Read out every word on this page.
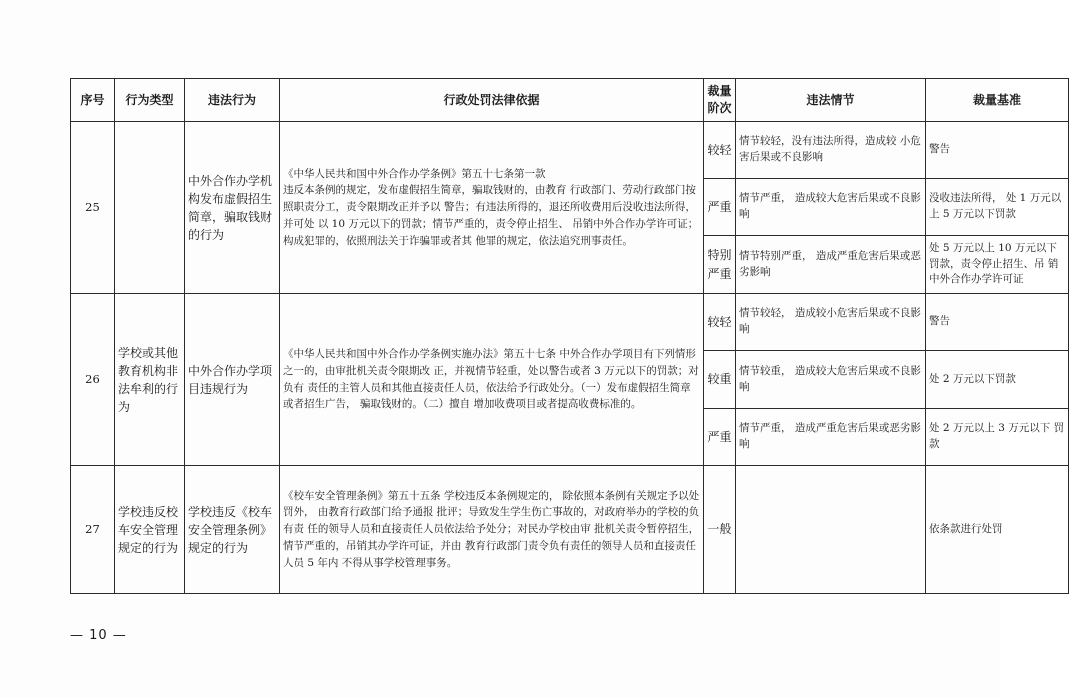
序号	行为类型	违法行为	行政处罚法律依据	裁量阶次	违法情节	裁量基准
25		中外合作办学机构发布虚假招生简章，骗取钱财的行为	《中华人民共和国中外合作办学条例》第五十七条第一款
违反本条例的规定，发布虚假招生简章，骗取钱财的，由教育 行政部门、劳动行政部门按照职责分工，责令限期改正并予以 警告；有违法所得的，退还所收费用后没收违法所得，并可处 以 10 万元以下的罚款；情节严重的，责令停止招生、 吊销中外合作办学许可证；构成犯罪的，依照刑法关于诈骗罪或者其 他罪的规定，依法追究刑事责任。	较轻	情节较轻，没有违法所得，造成较 小危害后果或不良影响	警告
				严重	情节严重， 造成较大危害后果或不良影响	没收违法所得， 处 1 万元以上 5 万元以下罚款
				特别严重	情节特别严重， 造成严重危害后果或恶劣影响	处 5 万元以上 10 万元以下 罚款，责令停止招生、吊 销中外合作办学许可证
26	学校或其他教育机构非法牟利的行为	中外合作办学项目违规行为	《中华人民共和国中外合作办学条例实施办法》第五十七条 中外合作办学项目有下列情形之一的，由审批机关责令限期改 正，并视情节轻重，处以警告或者 3 万元以下的罚款；对负有 责任的主管人员和其他直接责任人员，依法给予行政处分。（一）发布虚假招生简章或者招生广告， 骗取钱财的。（二）擅自 增加收费项目或者提高收费标准的。	较轻	情节较轻， 造成较小危害后果或不良影响	警告
				较重	情节较重， 造成较大危害后果或不良影响	处 2 万元以下罚款
				严重	情节严重， 造成严重危害后果或恶劣影响	处 2 万元以上 3 万元以下 罚款
27	学校违反校车安全管理规定的行为	学校违反《校车安全管理条例》规定的行为	《校车安全管理条例》第五十五条 学校违反本条例规定的， 除依照本条例有关规定予以处罚外， 由教育行政部门给予通报 批评；导致发生学生伤亡事故的，对政府举办的学校的负有责 任的领导人员和直接责任人员依法给予处分；对民办学校由审 批机关责令暂停招生，情节严重的，吊销其办学许可证，并由 教育行政部门责令负有责任的领导人员和直接责任人员 5 年内 不得从事学校管理事务。	一般		依条款进行处罚
— 10 —
